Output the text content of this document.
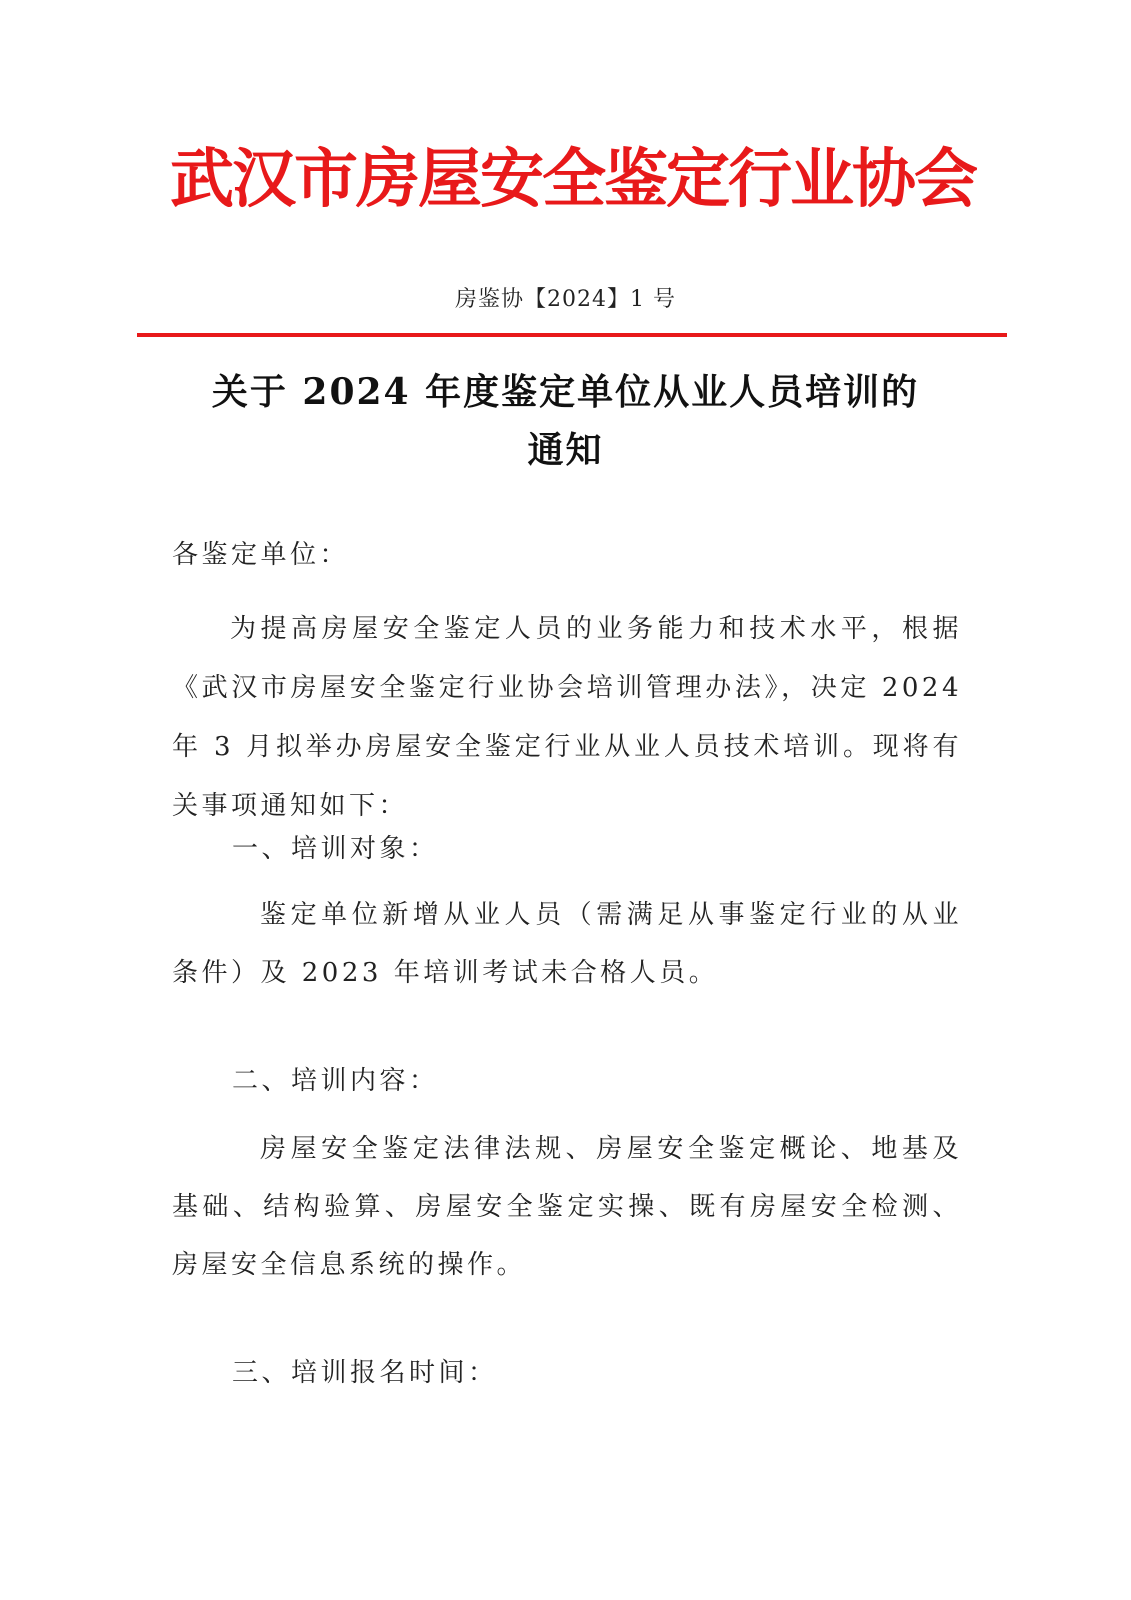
武汉市房屋安全鉴定行业协会
房鉴协【2024】1 号
关于 2024 年度鉴定单位从业人员培训的
通知
各鉴定单位：
为提高房屋安全鉴定人员的业务能力和技术水平，根据《武汉市房屋安全鉴定行业协会培训管理办法》，决定 2024 年 3 月拟举办房屋安全鉴定行业从业人员技术培训。现将有关事项通知如下：
一、培训对象：
鉴定单位新增从业人员（需满足从事鉴定行业的从业条件）及 2023 年培训考试未合格人员。
二、培训内容：
房屋安全鉴定法律法规、房屋安全鉴定概论、地基及基础、结构验算、房屋安全鉴定实操、既有房屋安全检测、房屋安全信息系统的操作。
三、培训报名时间：
